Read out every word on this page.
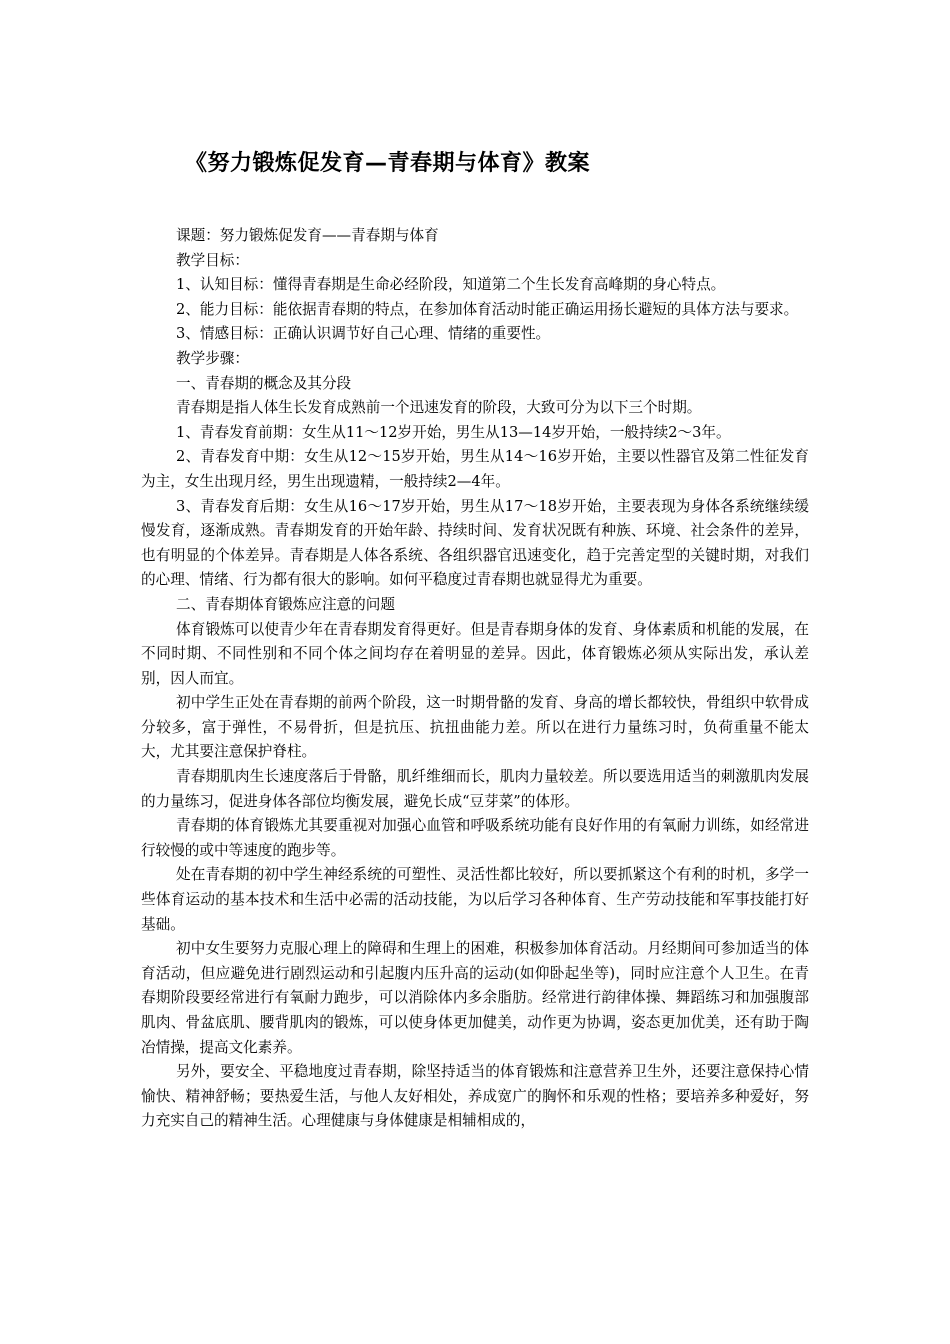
《努力锻炼促发育—青春期与体育》教案

课题：努力锻炼促发育——青春期与体育

教学目标：

1、认知目标：懂得青春期是生命必经阶段，知道第二个生长发育高峰期的身心特点。

2、能力目标：能依据青春期的特点，在参加体育活动时能正确运用扬长避短的具体方法与要求。

3、情感目标：正确认识调节好自己心理、情绪的重要性。

教学步骤：

一、青春期的概念及其分段

青春期是指人体生长发育成熟前一个迅速发育的阶段，大致可分为以下三个时期。

1、青春发育前期：女生从11～12岁开始，男生从13—14岁开始，一般持续2～3年。

2、青春发育中期：女生从12～15岁开始，男生从14～16岁开始，主要以性器官及第二性征发育为主，女生出现月经，男生出现遗精，一般持续2—4年。

3、青春发育后期：女生从16～17岁开始，男生从17～18岁开始，主要表现为身体各系统继续缓慢发育，逐渐成熟。青春期发育的开始年龄、持续时间、发育状况既有种族、环境、社会条件的差异，也有明显的个体差异。青春期是人体各系统、各组织器官迅速变化，趋于完善定型的关键时期，对我们的心理、情绪、行为都有很大的影响。如何平稳度过青春期也就显得尤为重要。

二、青春期体育锻炼应注意的问题

体育锻炼可以使青少年在青春期发育得更好。但是青春期身体的发育、身体素质和机能的发展，在不同时期、不同性别和不同个体之间均存在着明显的差异。因此，体育锻炼必须从实际出发，承认差别，因人而宜。

初中学生正处在青春期的前两个阶段，这一时期骨骼的发育、身高的增长都较快，骨组织中软骨成分较多，富于弹性，不易骨折，但是抗压、抗扭曲能力差。所以在进行力量练习时，负荷重量不能太大，尤其要注意保护脊柱。

青春期肌肉生长速度落后于骨骼，肌纤维细而长，肌肉力量较差。所以要选用适当的刺激肌肉发展的力量练习，促进身体各部位均衡发展，避免长成“豆芽菜”的体形。

青春期的体育锻炼尤其要重视对加强心血管和呼吸系统功能有良好作用的有氧耐力训练，如经常进行较慢的或中等速度的跑步等。

处在青春期的初中学生神经系统的可塑性、灵活性都比较好，所以要抓紧这个有利的时机，多学一些体育运动的基本技术和生活中必需的活动技能，为以后学习各种体育、生产劳动技能和军事技能打好基础。

初中女生要努力克服心理上的障碍和生理上的困难，积极参加体育活动。月经期间可参加适当的体育活动，但应避免进行剧烈运动和引起腹内压升高的运动(如仰卧起坐等)，同时应注意个人卫生。在青春期阶段要经常进行有氧耐力跑步，可以消除体内多余脂肪。经常进行韵律体操、舞蹈练习和加强腹部肌肉、骨盆底肌、腰背肌肉的锻炼，可以使身体更加健美，动作更为协调，姿态更加优美，还有助于陶冶情操，提高文化素养。

另外，要安全、平稳地度过青春期，除坚持适当的体育锻炼和注意营养卫生外，还要注意保持心情愉快、精神舒畅；要热爱生活，与他人友好相处，养成宽广的胸怀和乐观的性格；要培养多种爱好，努力充实自己的精神生活。心理健康与身体健康是相辅相成的，
